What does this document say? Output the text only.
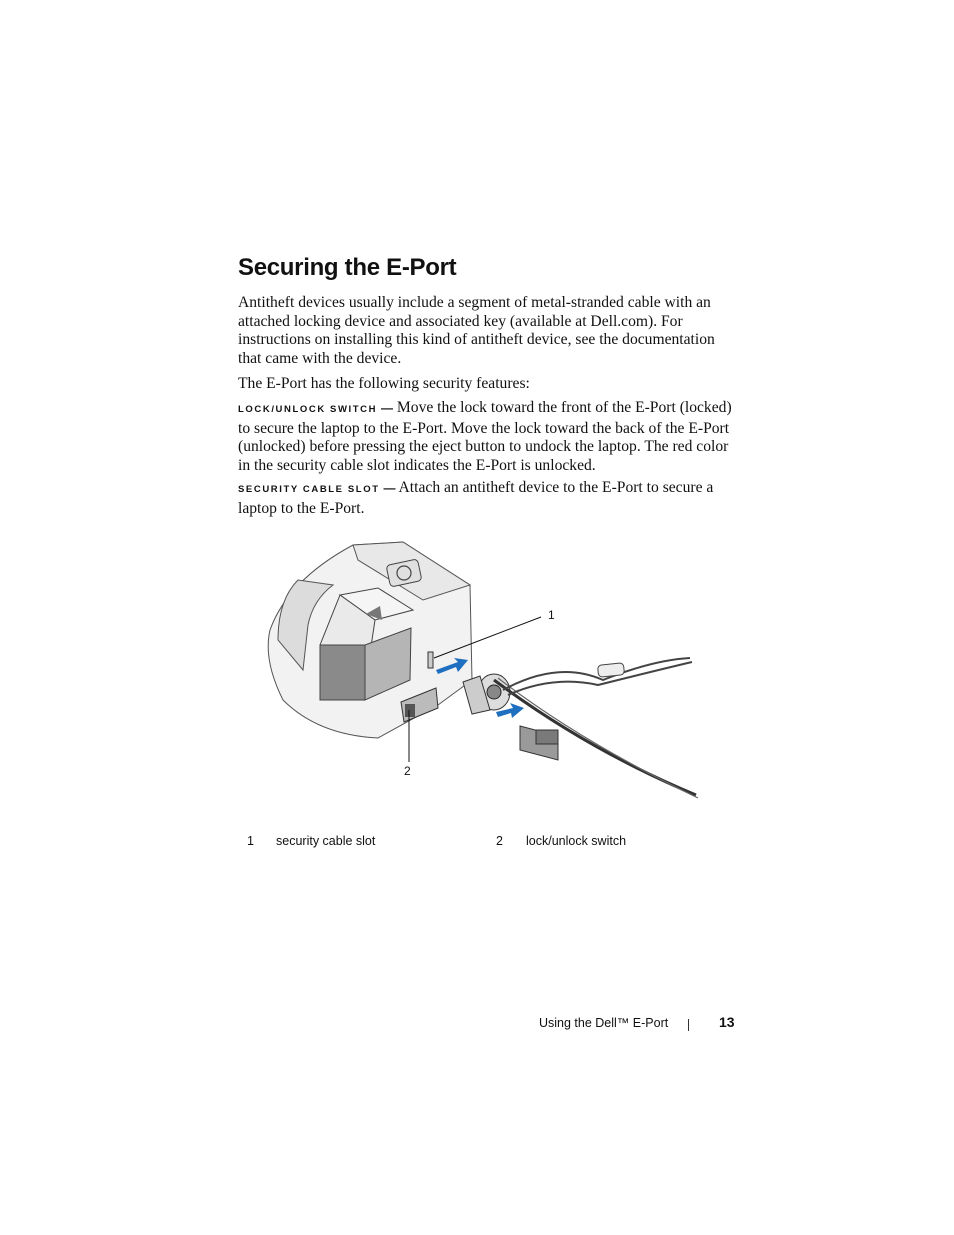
Securing the E-Port

Antitheft devices usually include a segment of metal-stranded cable with an attached locking device and associated key (available at Dell.com). For instructions on installing this kind of antitheft device, see the documentation that came with the device.

The E-Port has the following security features:

LOCK/UNLOCK SWITCH — Move the lock toward the front of the E-Port (locked) to secure the laptop to the E-Port. Move the lock toward the back of the E-Port (unlocked) before pressing the eject button to undock the laptop. The red color in the security cable slot indicates the E-Port is unlocked.

SECURITY CABLE SLOT — Attach an antitheft device to the E-Port to secure a laptop to the E-Port.

1
2
1 security cable slot	2 lock/unlock switch
Using the Dell™ E-Port	13
